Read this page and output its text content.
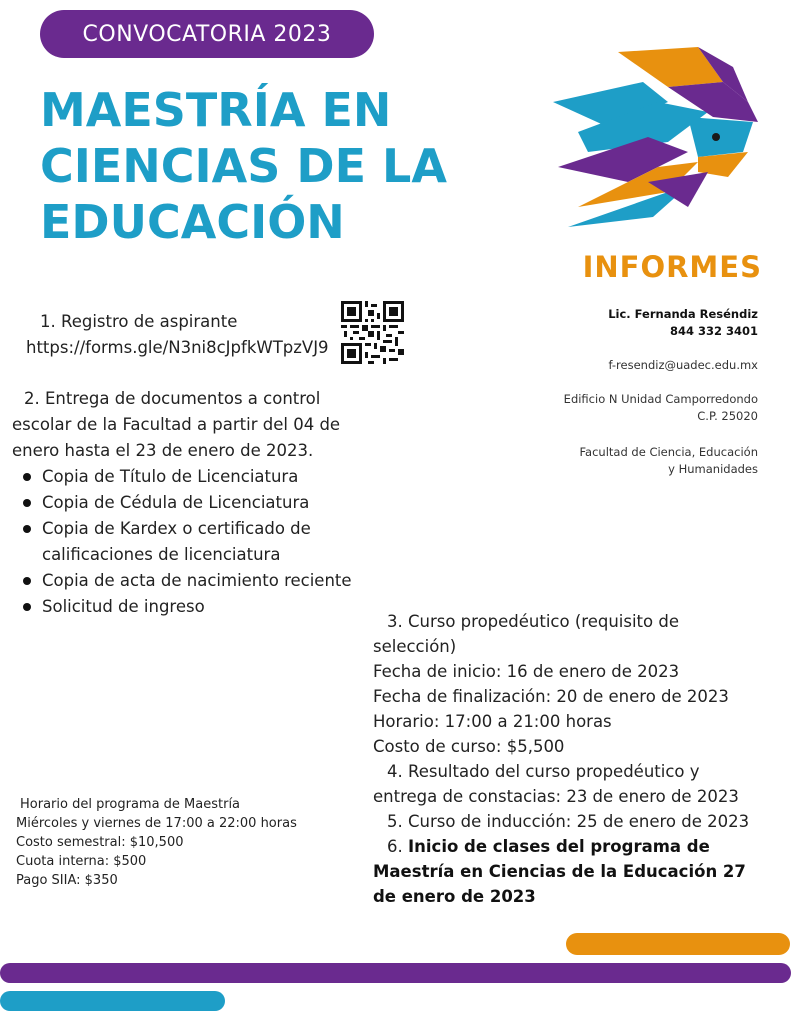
CONVOCATORIA 2023
MAESTRÍA EN
CIENCIAS DE LA
EDUCACIÓN
INFORMES
Lic. Fernanda Reséndiz
844 332 3401
f-resendiz@uadec.edu.mx
Edificio N Unidad Camporredondo
C.P. 25020
Facultad de Ciencia, Educación
y Humanidades
1. Registro de aspirante
https://forms.gle/N3ni8cJpfkWTpzVJ9
2. Entrega de documentos a control
escolar de la Facultad a partir del 04 de
enero hasta el 23 de enero de 2023.
Copia de Título de Licenciatura
Copia de Cédula de Licenciatura
Copia de Kardex o certificado de
calificaciones de licenciatura
Copia de acta de nacimiento reciente
Solicitud de ingreso
3. Curso propedéutico (requisito de
selección)
Fecha de inicio: 16 de enero de 2023
Fecha de finalización: 20 de enero de 2023
Horario: 17:00 a 21:00 horas
Costo de curso: $5,500
4. Resultado del curso propedéutico y
entrega de constacias: 23 de enero de 2023
5. Curso de inducción: 25 de enero de 2023
6. Inicio de clases del programa de
Maestría en Ciencias de la Educación 27
de enero de 2023
Horario del programa de Maestría
Miércoles y viernes de 17:00 a 22:00 horas
Costo semestral: $10,500
Cuota interna: $500
Pago SIIA: $350
